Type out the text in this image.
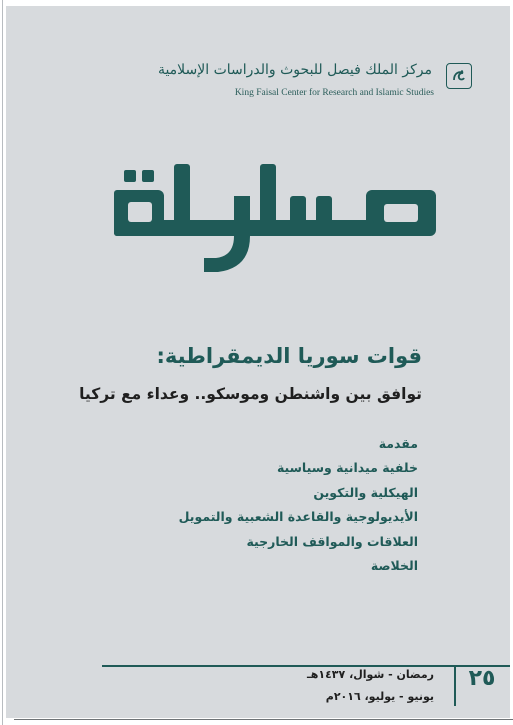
مركز الملك فيصل للبحوث والدراسات الإسلامية
King Faisal Center for Research and Islamic Studies
قوات سوريا الديمقراطية:
توافق بين واشنطن وموسكو.. وعداء مع تركيا
مقدمة
خلفية ميدانية وسياسية
الهيكلية والتكوين
الأيديولوجية والقاعدة الشعبية والتمويل
العلاقات والمواقف الخارجية
الخلاصة
٢٥
رمضان - شوال، ١٤٣٧هـ
يونيو - يوليو، ٢٠١٦م
